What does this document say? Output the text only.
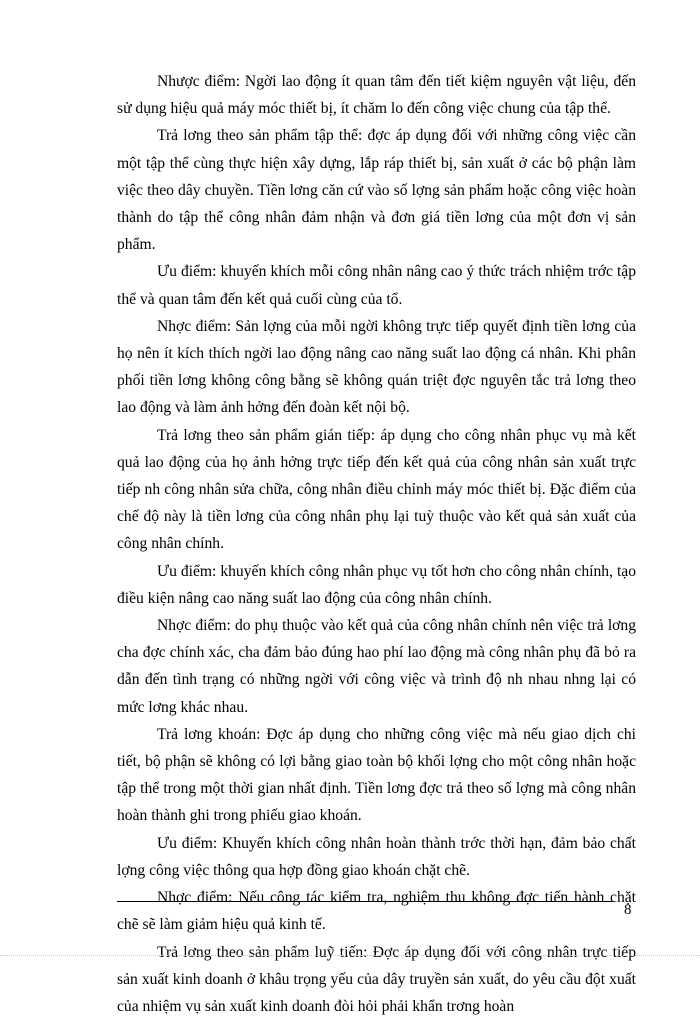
Nhược điểm: Ngời lao động ít quan tâm đến tiết kiệm nguyên vật liệu, đến sử dụng hiệu quả máy móc thiết bị, ít chăm lo đến công việc chung của tập thể.

Trả lơng theo sản phẩm tập thể: đợc áp dụng đối với những công việc cần một tập thể cùng thực hiện xây dựng, lắp ráp thiết bị, sản xuất ở các bộ phận làm việc theo dây chuyền. Tiền lơng căn cứ vào số lợng sản phẩm hoặc công việc hoàn thành do tập thể công nhân đảm nhận và đơn giá tiền lơng của một đơn vị sản phẩm.

Ưu điểm: khuyến khích mỗi công nhân nâng cao ý thức trách nhiệm trớc tập thể và quan tâm đến kết quả cuối cùng của tổ.

Nhợc điểm: Sản lợng của mỗi ngời không trực tiếp quyết định tiền lơng của họ nên ít kích thích ngời lao động nâng cao năng suất lao động cá nhân. Khi phân phối tiền lơng không công bằng sẽ không quán triệt đợc nguyên tắc trả lơng theo lao động và làm ảnh hởng đến đoàn kết nội bộ.

Trả lơng theo sản phẩm gián tiếp: áp dụng cho công nhân phục vụ mà kết quả lao động của họ ảnh hởng trực tiếp đến kết quả của công nhân sản xuất trực tiếp nh công nhân sửa chữa, công nhân điều chỉnh máy móc thiết bị. Đặc điểm của chế độ này là tiền lơng của công nhân phụ lại tuỳ thuộc vào kết quả sản xuất của công nhân chính.

Ưu điểm: khuyến khích công nhân phục vụ tốt hơn cho công nhân chính, tạo điều kiện nâng cao năng suất lao động của công nhân chính.

Nhợc điểm: do phụ thuộc vào kết quả của công nhân chính nên việc trả lơng cha đợc chính xác, cha đảm bảo đúng hao phí lao động mà công nhân phụ đã bỏ ra dẫn đến tình trạng có những ngời với công việc và trình độ nh nhau nhng lại có mức lơng khác nhau.

Trả lơng khoán: Đợc áp dụng cho những công việc mà nếu giao dịch chi tiết, bộ phận sẽ không có lợi bằng giao toàn bộ khối lợng cho một công nhân hoặc tập thể trong một thời gian nhất định. Tiền lơng đợc trả theo số lợng mà công nhân hoàn thành ghi trong phiếu giao khoán.

Ưu điểm: Khuyến khích công nhân hoàn thành trớc thời hạn, đảm bảo chất lợng công việc thông qua hợp đồng giao khoán chặt chẽ.

Nhợc điểm: Nếu công tác kiểm tra, nghiệm thu không đợc tiến hành chặt chẽ sẽ làm giảm hiệu quả kinh tế.

Trả lơng theo sản phẩm luỹ tiến: Đợc áp dụng đối với công nhân trực tiếp sản xuất kinh doanh ở khâu trọng yếu của dây truyền sản xuất, do yêu cầu đột xuất của nhiệm vụ sản xuất kinh doanh đòi hỏi phải khẩn trơng hoàn

8
